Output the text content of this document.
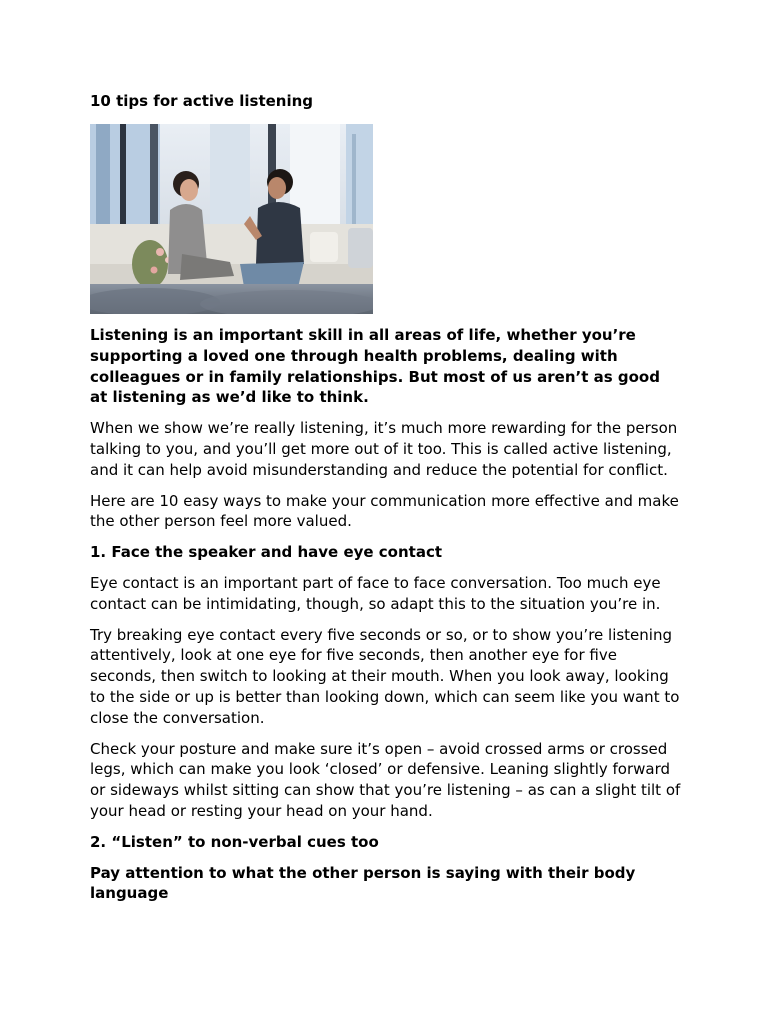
10 tips for active listening

Listening is an important skill in all areas of life, whether you’re supporting a loved one through health problems, dealing with colleagues or in family relationships. But most of us aren’t as good at listening as we’d like to think.

When we show we’re really listening, it’s much more rewarding for the person talking to you, and you’ll get more out of it too. This is called active listening, and it can help avoid misunderstanding and reduce the potential for conflict.

Here are 10 easy ways to make your communication more effective and make the other person feel more valued.

1. Face the speaker and have eye contact

Eye contact is an important part of face to face conversation. Too much eye contact can be intimidating, though, so adapt this to the situation you’re in.

Try breaking eye contact every five seconds or so, or to show you’re listening attentively, look at one eye for five seconds, then another eye for five seconds, then switch to looking at their mouth. When you look away, looking to the side or up is better than looking down, which can seem like you want to close the conversation.

Check your posture and make sure it’s open – avoid crossed arms or crossed legs, which can make you look ‘closed’ or defensive. Leaning slightly forward or sideways whilst sitting can show that you’re listening – as can a slight tilt of your head or resting your head on your hand.

2. “Listen” to non-verbal cues too

Pay attention to what the other person is saying with their body language
